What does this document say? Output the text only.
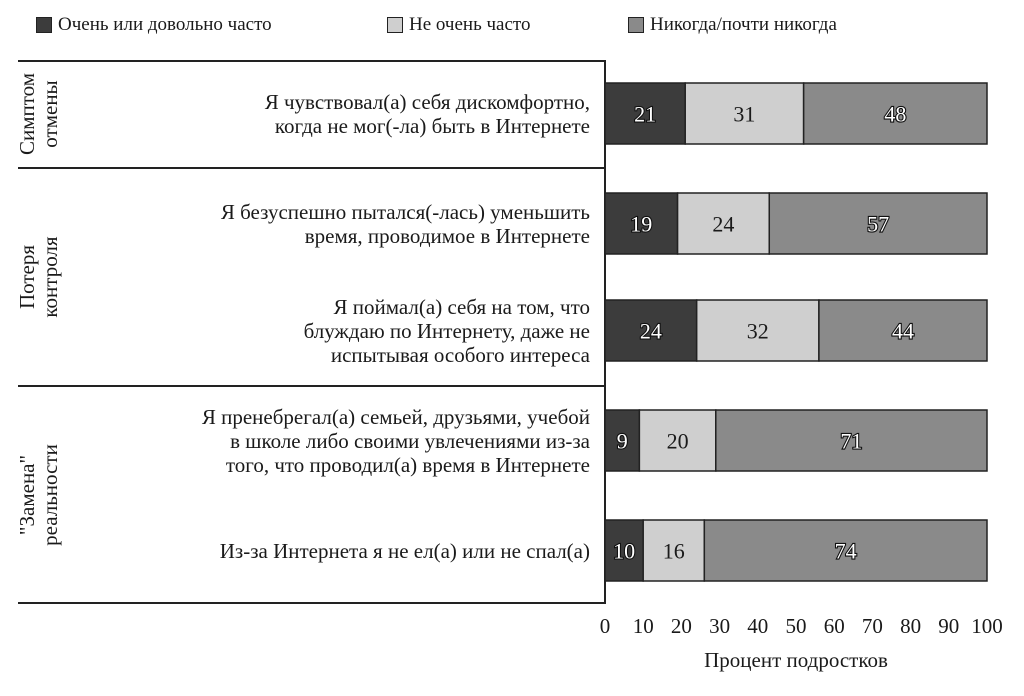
Очень или довольно часто	Не очень часто	Никогда/почти никогда
Я чувствовал(а) себя дискомфортно,
когда не мог(-ла) быть в Интернете
Я безуспешно пытался(-лась) уменьшить
время, проводимое в Интернете
Я поймал(а) себя на том, что
блуждаю по Интернету, даже не
испытывая особого интереса
Я пренебрегал(а) семьей, друзьями, учебой
в школе либо своими увлечениями из-за
того, что проводил(а) время в Интернете
Из-за Интернета я не ел(а) или не спал(а)
Симптом отмены
Потеря контроля
"Замена" реальности
21	31	48
19	24	57
24	32	44
9 20	71
10 16	74
0 10 20 30 40 50 60 70 80 90 100
Процент подростков
